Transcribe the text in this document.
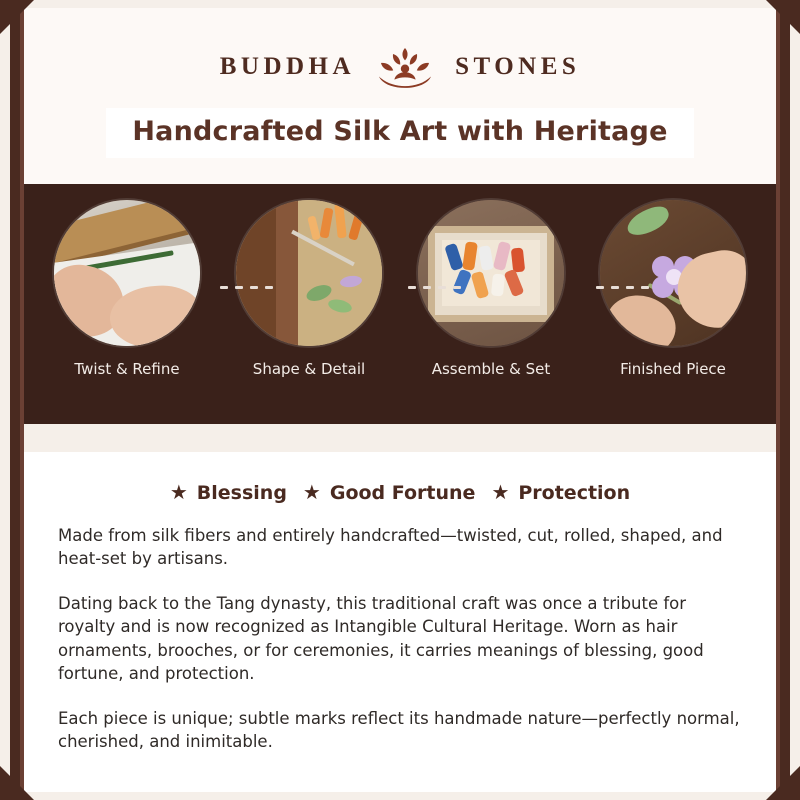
BUDDHA	STONES
Handcrafted Silk Art with Heritage
Twist & Refine	Shape & Detail	Assemble & Set	Finished Piece
★ Blessing ★ Good Fortune ★ Protection

Made from silk fibers and entirely handcrafted—twisted, cut, rolled, shaped, and heat-set by artisans.

Dating back to the Tang dynasty, this traditional craft was once a tribute for royalty and is now recognized as Intangible Cultural Heritage. Worn as hair ornaments, brooches, or for ceremonies, it carries meanings of blessing, good fortune, and protection.

Each piece is unique; subtle marks reflect its handmade nature—perfectly normal, cherished, and inimitable.
